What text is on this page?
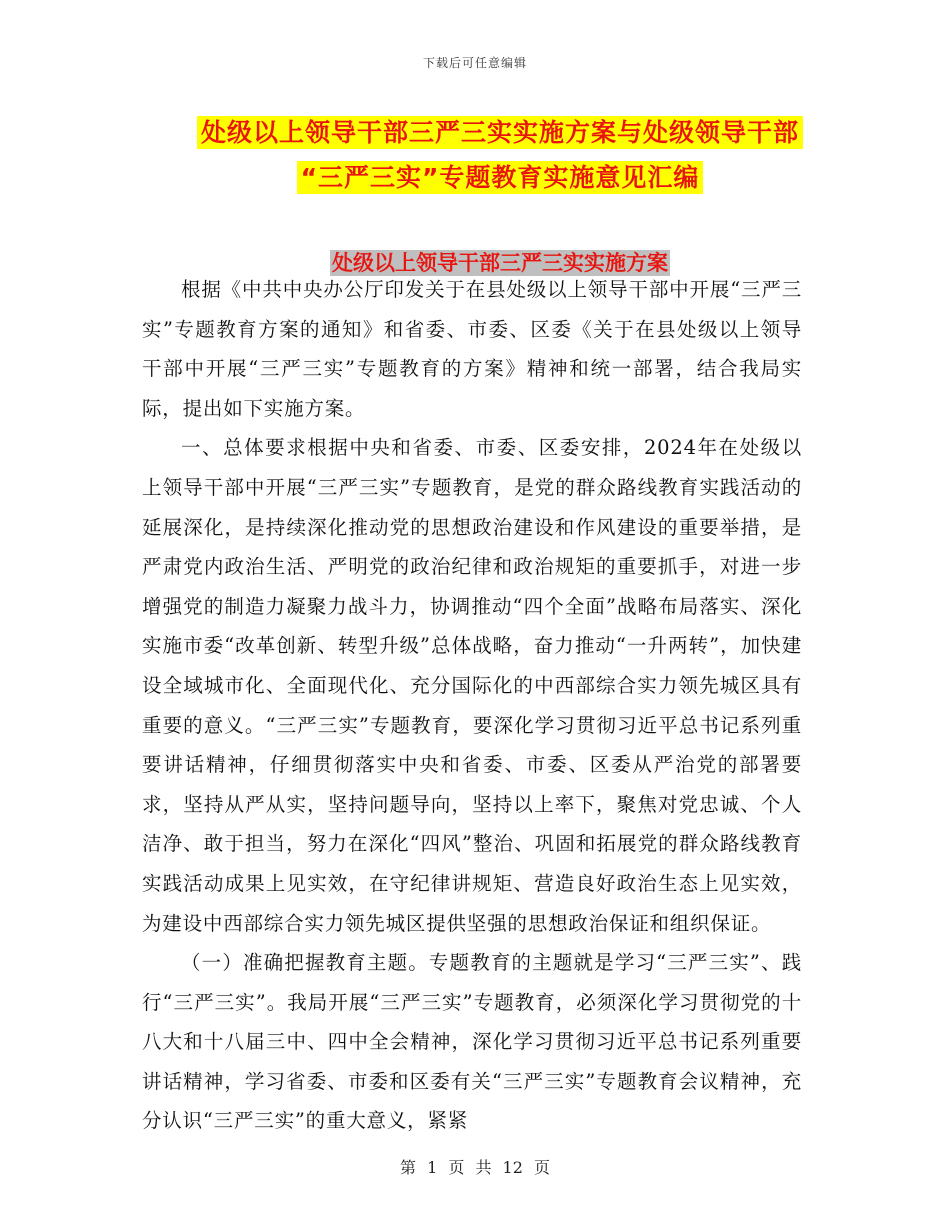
下载后可任意编辑
处级以上领导干部三严三实实施方案与处级领导干部
“三严三实”专题教育实施意见汇编
处级以上领导干部三严三实实施方案

根据《中共中央办公厅印发关于在县处级以上领导干部中开展“三严三实”专题教育方案的通知》和省委、市委、区委《关于在县处级以上领导干部中开展“三严三实”专题教育的方案》精神和统一部署，结合我局实际，提出如下实施方案。

一、总体要求根据中央和省委、市委、区委安排，2024年在处级以上领导干部中开展“三严三实”专题教育，是党的群众路线教育实践活动的延展深化，是持续深化推动党的思想政治建设和作风建设的重要举措，是严肃党内政治生活、严明党的政治纪律和政治规矩的重要抓手，对进一步增强党的制造力凝聚力战斗力，协调推动“四个全面”战略布局落实、深化实施市委“改革创新、转型升级”总体战略，奋力推动“一升两转”，加快建设全域城市化、全面现代化、充分国际化的中西部综合实力领先城区具有重要的意义。“三严三实”专题教育，要深化学习贯彻习近平总书记系列重要讲话精神，仔细贯彻落实中央和省委、市委、区委从严治党的部署要求，坚持从严从实，坚持问题导向，坚持以上率下，聚焦对党忠诚、个人洁净、敢于担当，努力在深化“四风”整治、巩固和拓展党的群众路线教育实践活动成果上见实效，在守纪律讲规矩、营造良好政治生态上见实效，为建设中西部综合实力领先城区提供坚强的思想政治保证和组织保证。

（一）准确把握教育主题。专题教育的主题就是学习“三严三实”、践行“三严三实”。我局开展“三严三实”专题教育，必须深化学习贯彻党的十八大和十八届三中、四中全会精神，深化学习贯彻习近平总书记系列重要讲话精神，学习省委、市委和区委有关“三严三实”专题教育会议精神，充分认识“三严三实”的重大意义，紧紧

第 1 页 共 12 页
